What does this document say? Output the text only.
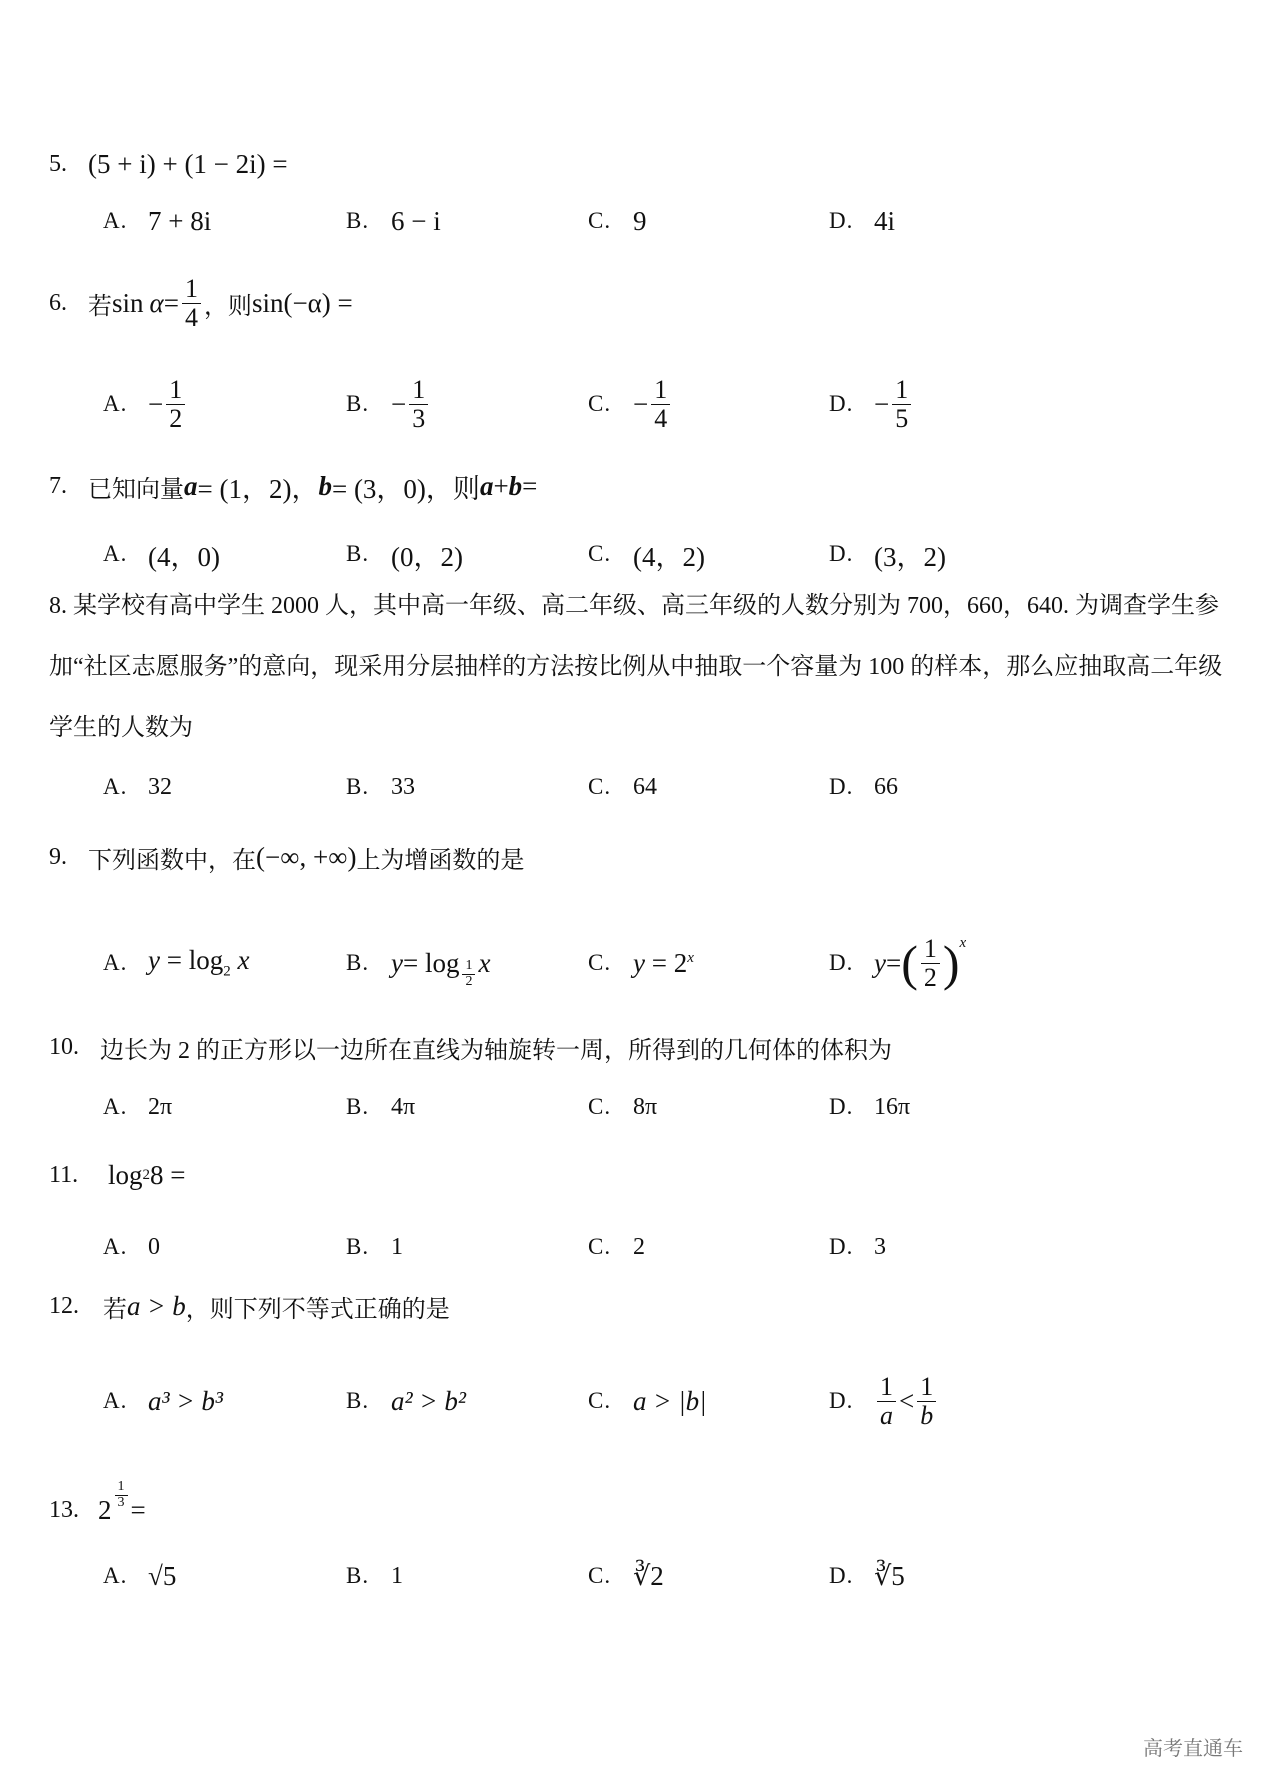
5. (5 + i) + (1 − 2i) =
A. 7 + 8i	B. 6 − i	C. 9	D. 4i
6. 若 sin
$\alpha = \frac{1}{4}$ ，则 sin(−α) =
A. − $\frac{1}{2}$	B. − $\frac{1}{3}$	C. − $\frac{1}{4}$	D. − $\frac{1}{5}$
7. 已知向量 a = (1，2)， b = (3，0)，则 a + b =
A. (4，0)	B. (0，2)	C. (4，2)	D. (3，2)
8. 某学校有高中学生 2000 人，其中高一年级、高二年级、高三年级的人数分别为 700，660，640. 为调查学生参加“社区志愿服务”的意向，现采用分层抽样的方法按比例从中抽取一个容量为 100 的样本，那么应抽取高二年级学生的人数为
A. 32	B. 33	C. 64	D. 66
9. 下列函数中，在 (−∞, +∞) 上为增函数的是
A. $y = \log_2 x$	B. $y = \log \frac{1}{2}$ x	C. $y = 2^x$	D. y = ( $\frac{1}{2}$ ) $^x$
10. 边长为 2 的正方形以一边所在直线为轴旋转一周，所得到的几何体的体积为
A. 2π	B. 4π	C. 8π	D. 16π
11. log 2 8 =
A. 0	B. 1	C. 2	D. 3
12. 若 a > b ，则下列不等式正确的是
A. a³ > b³	B. a² > b²	C. a > |b|	D. $\frac{1}{a} < \frac{1}{b}$
13. $2 \frac{1}{3}$ =
A. √5	B. 1	C. ∛2	D. ∛5
高考直通车
